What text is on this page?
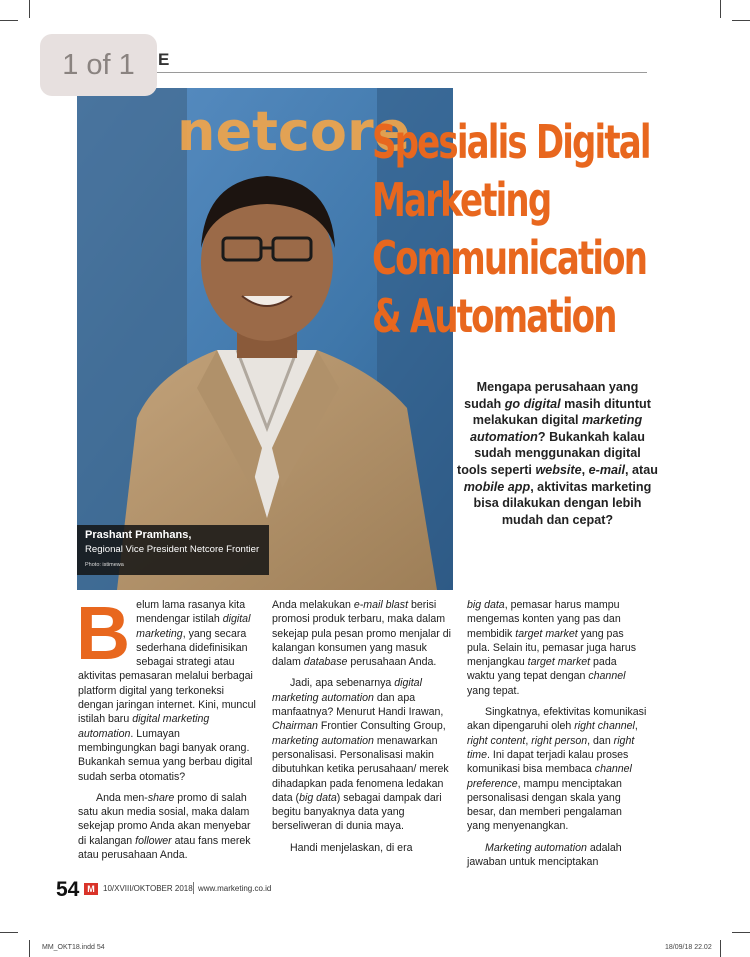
E
netcore
Spesialis Digital
Marketing
Communication
& Automation
Mengapa perusahaan yang
sudah go digital masih dituntut
melakukan digital marketing
automation? Bukankah kalau
sudah menggunakan digital
tools seperti website, e-mail, atau
mobile app, aktivitas marketing
bisa dilakukan dengan lebih
mudah dan cepat?
Prashant Pramhans,
Regional Vice President Netcore Frontier
Photo: istimewa

Belum lama rasanya kita mendengar istilah digital marketing, yang secara sederhana didefinisikan sebagai strategi atau aktivitas pemasaran melalui berbagai platform digital yang terkoneksi dengan jaringan internet. Kini, muncul istilah baru digital marketing automation. Lumayan membingungkan bagi banyak orang. Bukankah semua yang berbau digital sudah serba otomatis?

Anda men-share promo di salah satu akun media sosial, maka dalam sekejap promo Anda akan menyebar di kalangan follower atau fans merek atau perusahaan Anda.

Anda melakukan e-mail blast berisi promosi produk terbaru, maka dalam sekejap pula pesan promo menjalar di kalangan konsumen yang masuk dalam database perusahaan Anda.

Jadi, apa sebenarnya digital marketing automation dan apa manfaatnya? Menurut Handi Irawan, Chairman Frontier Consulting Group, marketing automation menawarkan personalisasi. Personalisasi makin dibutuhkan ketika perusahaan/ merek dihadapkan pada fenomena ledakan data (big data) sebagai dampak dari begitu banyaknya data yang berseliweran di dunia maya.

Handi menjelaskan, di era

big data, pemasar harus mampu mengemas konten yang pas dan membidik target market yang pas pula. Selain itu, pemasar juga harus menjangkau target market pada waktu yang tepat dengan channel yang tepat.

Singkatnya, efektivitas komunikasi akan dipengaruhi oleh right channel, right content, right person, dan right time. Ini dapat terjadi kalau proses komunikasi bisa membaca channel preference, mampu menciptakan personalisasi dengan skala yang besar, dan memberi pengalaman yang menyenangkan.

Marketing automation adalah jawaban untuk menciptakan

54 M	10/XVIII/OKTOBER 2018 www.marketing.co.id
MM_OKT18.indd 54	18/09/18 22.02
1 of 1
